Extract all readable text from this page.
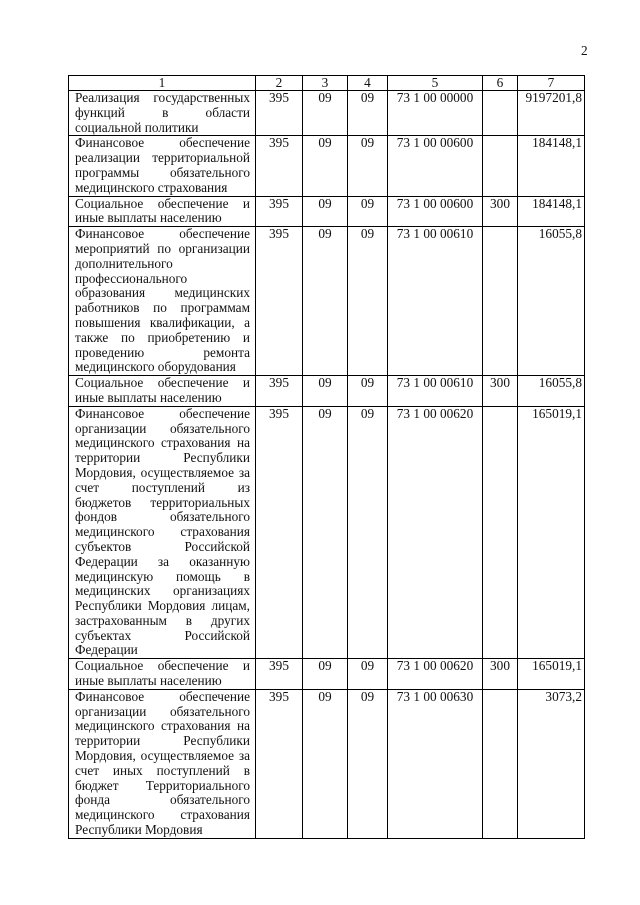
2
1	2	3	4	5	6	7
Реализация государственных функций в области социальной политики	395	09	09	73 1 00 00000		9197201,8
Финансовое обеспечение реализации территориальной программы обязательного медицинского страхования	395	09	09	73 1 00 00600		184148,1
Социальное обеспечение и иные выплаты населению	395	09	09	73 1 00 00600	300	184148,1
Финансовое обеспечение мероприятий по организации дополнительного профессионального образования медицинских работников по программам повышения квалификации, а также по приобретению и проведению ремонта медицинского оборудования	395	09	09	73 1 00 00610		16055,8
Социальное обеспечение и иные выплаты населению	395	09	09	73 1 00 00610	300	16055,8
Финансовое обеспечение организации обязательного медицинского страхования на территории Республики Мордовия, осуществляемое за счет поступлений из бюджетов территориальных фондов обязательного медицинского страхования субъектов Российской Федерации за оказанную медицинскую помощь в медицинских организациях Республики Мордовия лицам, застрахованным в других субъектах Российской Федерации	395	09	09	73 1 00 00620		165019,1
Социальное обеспечение и иные выплаты населению	395	09	09	73 1 00 00620	300	165019,1
Финансовое обеспечение организации обязательного медицинского страхования на территории Республики Мордовия, осуществляемое за счет иных поступлений в бюджет Территориального фонда обязательного медицинского страхования Республики Мордовия	395	09	09	73 1 00 00630		3073,2
